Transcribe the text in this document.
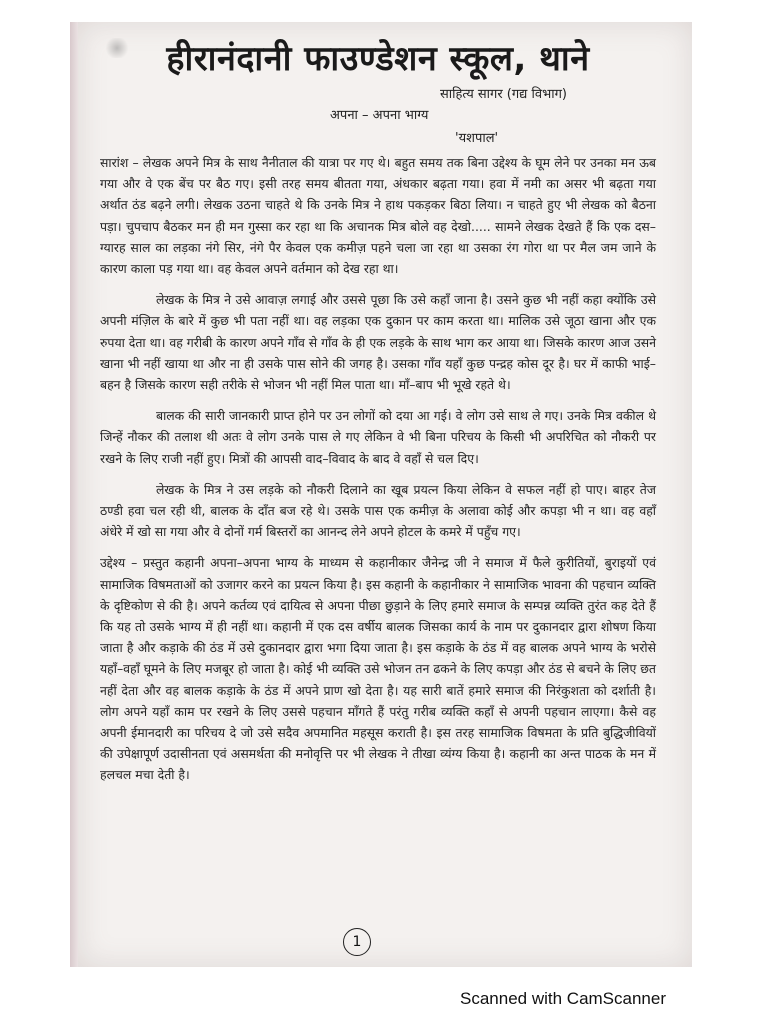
हीरानंदानी फाउण्डेशन स्कूल, थाने
साहित्य सागर (गद्य विभाग)
अपना – अपना भाग्य
'यशपाल'

सारांश – लेखक अपने मित्र के साथ नैनीताल की यात्रा पर गए थे। बहुत समय तक बिना उद्देश्य के घूम लेने पर उनका मन ऊब गया और वे एक बेंच पर बैठ गए। इसी तरह समय बीतता गया, अंधकार बढ़ता गया। हवा में नमी का असर भी बढ़ता गया अर्थात ठंड बढ़ने लगी। लेखक उठना चाहते थे कि उनके मित्र ने हाथ पकड़कर बिठा लिया। न चाहते हुए भी लेखक को बैठना पड़ा। चुपचाप बैठकर मन ही मन गुस्सा कर रहा था कि अचानक मित्र बोले वह देखो..... सामने लेखक देखते हैं कि एक दस–ग्यारह साल का लड़का नंगे सिर, नंगे पैर केवल एक कमीज़ पहने चला जा रहा था उसका रंग गोरा था पर मैल जम जाने के कारण काला पड़ गया था। वह केवल अपने वर्तमान को देख रहा था।

लेखक के मित्र ने उसे आवाज़ लगाई और उससे पूछा कि उसे कहाँ जाना है। उसने कुछ भी नहीं कहा क्योंकि उसे अपनी मंज़िल के बारे में कुछ भी पता नहीं था। वह लड़का एक दुकान पर काम करता था। मालिक उसे जूठा खाना और एक रुपया देता था। वह गरीबी के कारण अपने गाँव से गाँव के ही एक लड़के के साथ भाग कर आया था। जिसके कारण आज उसने खाना भी नहीं खाया था और ना ही उसके पास सोने की जगह है। उसका गाँव यहाँ कुछ पन्द्रह कोस दूर है। घर में काफी भाई–बहन है जिसके कारण सही तरीके से भोजन भी नहीं मिल पाता था। माँ–बाप भी भूखे रहते थे।

बालक की सारी जानकारी प्राप्त होने पर उन लोगों को दया आ गई। वे लोग उसे साथ ले गए। उनके मित्र वकील थे जिन्हें नौकर की तलाश थी अतः वे लोग उनके पास ले गए लेकिन वे भी बिना परिचय के किसी भी अपरिचित को नौकरी पर रखने के लिए राजी नहीं हुए। मित्रों की आपसी वाद–विवाद के बाद वे वहाँ से चल दिए।

लेखक के मित्र ने उस लड़के को नौकरी दिलाने का खूब प्रयत्न किया लेकिन वे सफल नहीं हो पाए। बाहर तेज ठण्डी हवा चल रही थी, बालक के दाँत बज रहे थे। उसके पास एक कमीज़ के अलावा कोई और कपड़ा भी न था। वह वहाँ अंधेरे में खो सा गया और वे दोनों गर्म बिस्तरों का आनन्द लेने अपने होटल के कमरे में पहुँच गए।

उद्देश्य – प्रस्तुत कहानी अपना–अपना भाग्य के माध्यम से कहानीकार जैनेन्द्र जी ने समाज में फैले कुरीतियों, बुराइयों एवं सामाजिक विषमताओं को उजागर करने का प्रयत्न किया है। इस कहानी के कहानीकार ने सामाजिक भावना की पहचान व्यक्ति के दृष्टिकोण से की है। अपने कर्तव्य एवं दायित्व से अपना पीछा छुड़ाने के लिए हमारे समाज के सम्पन्न व्यक्ति तुरंत कह देते हैं कि यह तो उसके भाग्य में ही नहीं था। कहानी में एक दस वर्षीय बालक जिसका कार्य के नाम पर दुकानदार द्वारा शोषण किया जाता है और कड़ाके की ठंड में उसे दुकानदार द्वारा भगा दिया जाता है। इस कड़ाके के ठंड में वह बालक अपने भाग्य के भरोसे यहाँ–वहाँ घूमने के लिए मजबूर हो जाता है। कोई भी व्यक्ति उसे भोजन तन ढकने के लिए कपड़ा और ठंड से बचने के लिए छत नहीं देता और वह बालक कड़ाके के ठंड में अपने प्राण खो देता है। यह सारी बातें हमारे समाज की निरंकुशता को दर्शाती है। लोग अपने यहाँ काम पर रखने के लिए उससे पहचान माँगते हैं परंतु गरीब व्यक्ति कहाँ से अपनी पहचान लाएगा। कैसे वह अपनी ईमानदारी का परिचय दे जो उसे सदैव अपमानित महसूस कराती है। इस तरह सामाजिक विषमता के प्रति बुद्धिजीवियों की उपेक्षापूर्ण उदासीनता एवं असमर्थता की मनोवृत्ति पर भी लेखक ने तीखा व्यंग्य किया है। कहानी का अन्त पाठक के मन में हलचल मचा देती है।

1
Scanned with CamScanner
